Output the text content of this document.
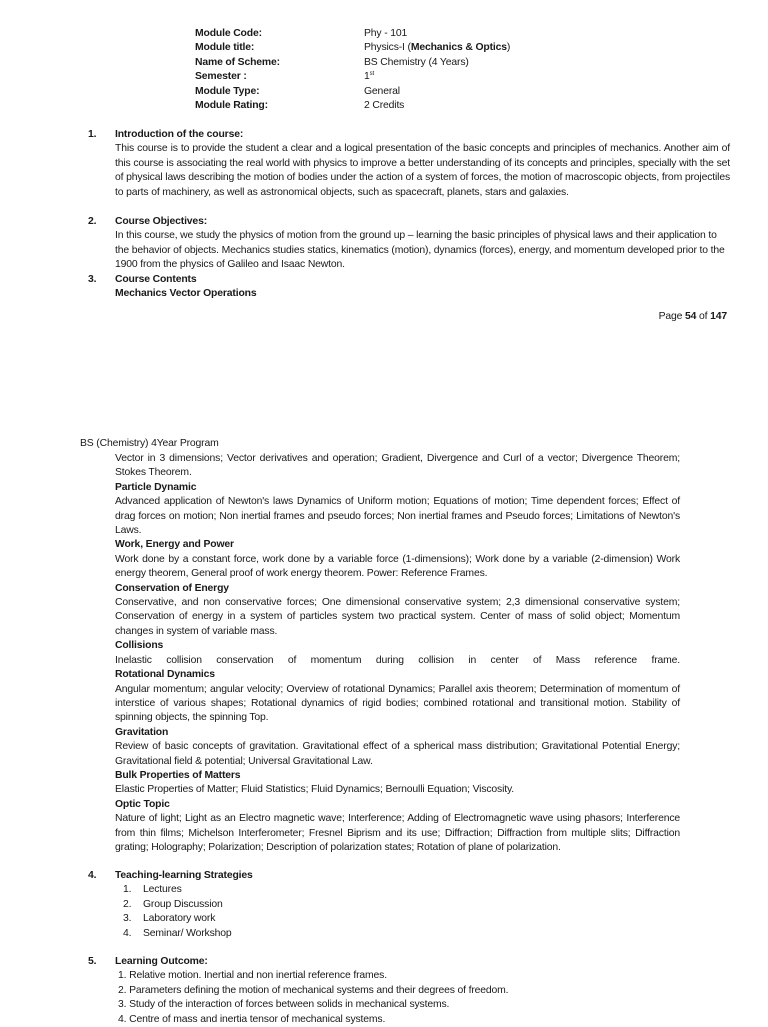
Module Code:	Phy - 101
Module title:	Physics-I (Mechanics & Optics)
Name of Scheme:	BS Chemistry (4 Years)
Semester :	1st
Module Type:	General
Module Rating:	2 Credits
1. Introduction of the course:
This course is to provide the student a clear and a logical presentation of the basic concepts and principles of mechanics. Another aim of this course is associating the real world with physics to improve a better understanding of its concepts and principles, specially with the set of physical laws describing the motion of bodies under the action of a system of forces, the motion of macroscopic objects, from projectiles to parts of machinery, as well as astronomical objects, such as spacecraft, planets, stars and galaxies.
2. Course Objectives:
In this course, we study the physics of motion from the ground up – learning the basic principles of physical laws and their application to the behavior of objects. Mechanics studies statics, kinematics (motion), dynamics (forces), energy, and momentum developed prior to the 1900 from the physics of Galileo and Isaac Newton.
3. Course Contents
Mechanics Vector Operations
Page 54 of 147
BS (Chemistry) 4Year Program
Vector in 3 dimensions; Vector derivatives and operation; Gradient, Divergence and Curl of a vector; Divergence Theorem; Stokes Theorem.
Particle Dynamic
Advanced application of Newton's laws Dynamics of Uniform motion; Equations of motion; Time dependent forces; Effect of drag forces on motion; Non inertial frames and pseudo forces; Non inertial frames and Pseudo forces; Limitations of Newton's Laws.
Work, Energy and Power
Work done by a constant force, work done by a variable force (1-dimensions); Work done by a variable (2-dimension) Work energy theorem, General proof of work energy theorem. Power: Reference Frames.
Conservation of Energy
Conservative, and non conservative forces; One dimensional conservative system; 2,3 dimensional conservative system; Conservation of energy in a system of particles system two practical system. Center of mass of solid object; Momentum changes in system of variable mass.
Collisions
Inelastic collision conservation of momentum during collision in center of Mass reference frame.
Rotational Dynamics
Angular momentum; angular velocity; Overview of rotational Dynamics; Parallel axis theorem; Determination of momentum of interstice of various shapes; Rotational dynamics of rigid bodies; combined rotational and transitional motion. Stability of spinning objects, the spinning Top.
Gravitation
Review of basic concepts of gravitation. Gravitational effect of a spherical mass distribution; Gravitational Potential Energy; Gravitational field & potential; Universal Gravitational Law.
Bulk Properties of Matters
Elastic Properties of Matter; Fluid Statistics; Fluid Dynamics; Bernoulli Equation; Viscosity.
Optic Topic
Nature of light; Light as an Electro magnetic wave; Interference; Adding of Electromagnetic wave using phasors; Interference from thin films; Michelson Interferometer; Fresnel Biprism and its use; Diffraction; Diffraction from multiple slits; Diffraction grating; Holography; Polarization; Description of polarization states; Rotation of plane of polarization.
4. Teaching-learning Strategies
1. Lectures
2. Group Discussion
3. Laboratory work
4. Seminar/ Workshop
5. Learning Outcome:
1. Relative motion. Inertial and non inertial reference frames.
2. Parameters defining the motion of mechanical systems and their degrees of freedom.
3. Study of the interaction of forces between solids in mechanical systems.
4. Centre of mass and inertia tensor of mechanical systems.
